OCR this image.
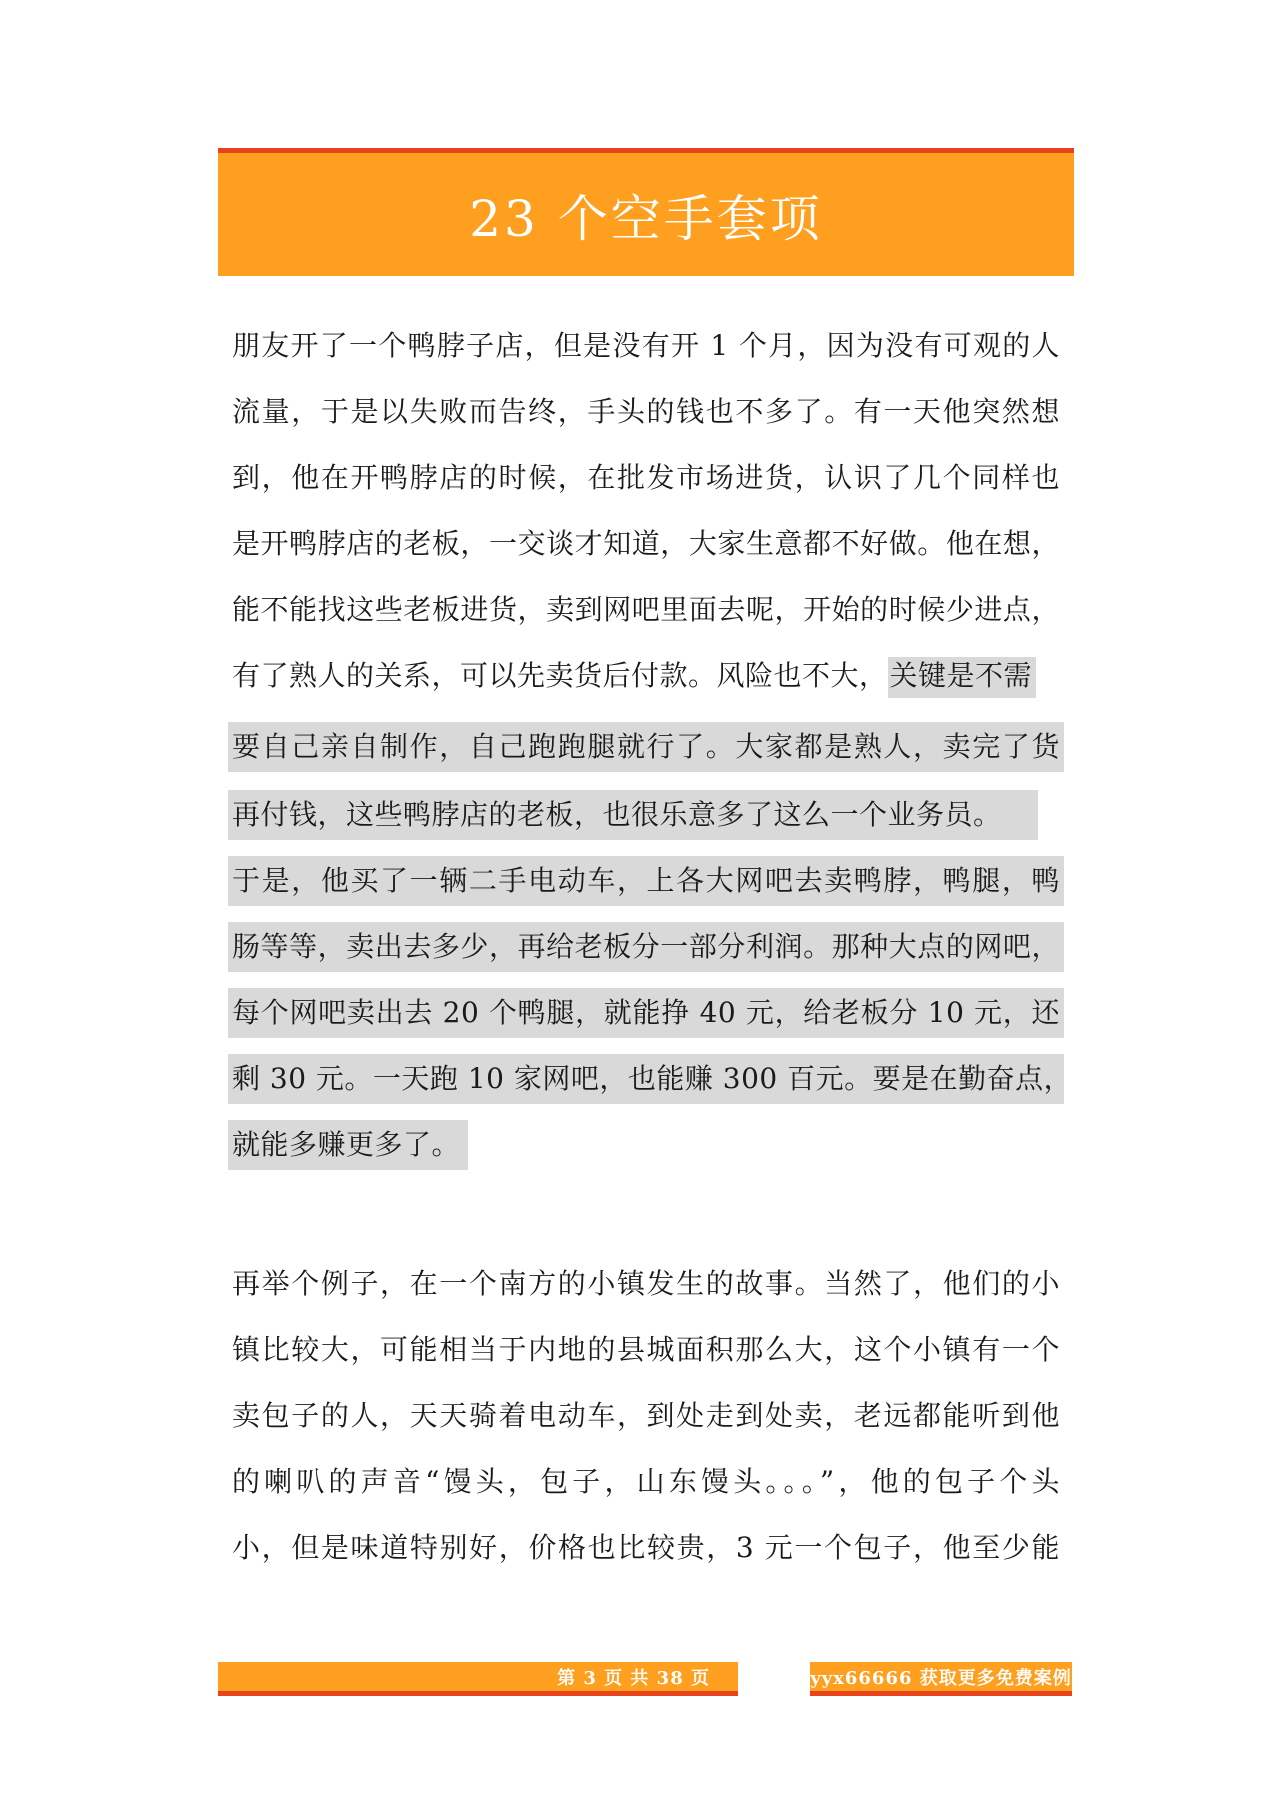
23 个空手套项
朋友开了一个鸭脖子店，但是没有开 1 个月，因为没有可观的人
流量，于是以失败而告终，手头的钱也不多了。有一天他突然想
到，他在开鸭脖店的时候，在批发市场进货，认识了几个同样也
是开鸭脖店的老板，一交谈才知道，大家生意都不好做。他在想，
能不能找这些老板进货，卖到网吧里面去呢，开始的时候少进点，
有了熟人的关系，可以先卖货后付款。风险也不大，关键是不需
要自己亲自制作，自己跑跑腿就行了。大家都是熟人，卖完了货
再付钱，这些鸭脖店的老板，也很乐意多了这么一个业务员。
于是，他买了一辆二手电动车，上各大网吧去卖鸭脖，鸭腿，鸭
肠等等，卖出去多少，再给老板分一部分利润。那种大点的网吧，
每个网吧卖出去 20 个鸭腿，就能挣 40 元，给老板分 10 元，还
剩 30 元。一天跑 10 家网吧，也能赚 300 百元。要是在勤奋点，
就能多赚更多了。
再举个例子，在一个南方的小镇发生的故事。当然了，他们的小
镇比较大，可能相当于内地的县城面积那么大，这个小镇有一个
卖包子的人，天天骑着电动车，到处走到处卖，老远都能听到他
的喇叭的声音“馒头，包子，山东馒头。。。”，他的包子个头
小，但是味道特别好，价格也比较贵，3 元一个包子，他至少能
第 3 页 共 38 页	yyx66666 获取更多免费案例
